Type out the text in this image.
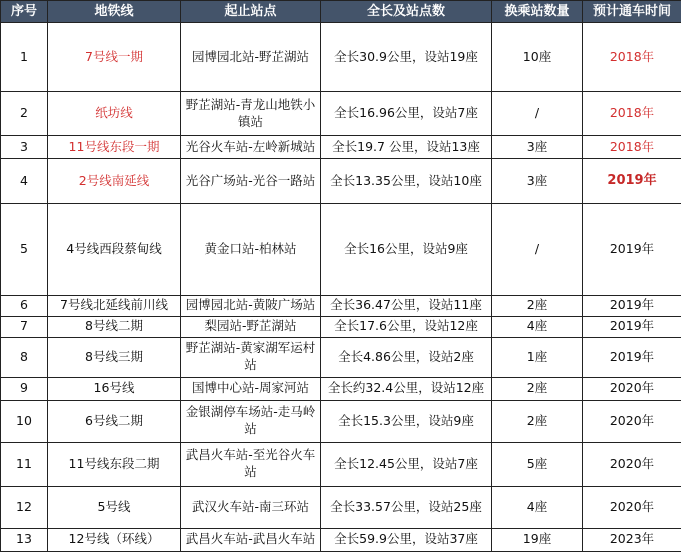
序号	地铁线	起止站点	全长及站点数	换乘站数量	预计通车时间
1	7号线一期	园博园北站-野芷湖站	全长30.9公里，设站19座	10座	2018年
2	纸坊线	野芷湖站-青龙山地铁小镇站	全长16.96公里，设站7座	/	2018年
3	11号线东段一期	光谷火车站-左岭新城站	全长19.7 公里，设站13座	3座	2018年
4	2号线南延线	光谷广场站-光谷一路站	全长13.35公里，设站10座	3座	2019年
5	4号线西段蔡甸线	黄金口站-柏林站	全长16公里，设站9座	/	2019年
6	7号线北延线前川线	园博园北站-黄陂广场站	全长36.47公里，设站11座	2座	2019年
7	8号线二期	梨园站-野芷湖站	全长17.6公里，设站12座	4座	2019年
8	8号线三期	野芷湖站-黄家湖军运村站	全长4.86公里，设站2座	1座	2019年
9	16号线	国博中心站-周家河站	全长约32.4公里，设站12座	2座	2020年
10	6号线二期	金银湖停车场站-走马岭站	全长15.3公里，设站9座	2座	2020年
11	11号线东段二期	武昌火车站-至光谷火车站	全长12.45公里，设站7座	5座	2020年
12	5号线	武汉火车站-南三环站	全长33.57公里，设站25座	4座	2020年
13	12号线（环线）	武昌火车站-武昌火车站	全长59.9公里，设站37座	19座	2023年
